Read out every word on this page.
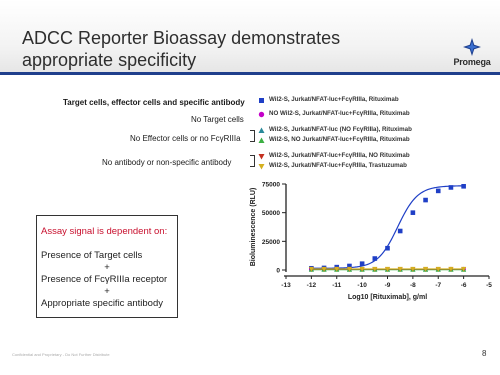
ADCC Reporter Bioassay demonstrates appropriate specificity	Promega
Target cells, effector cells and specific antibody
No Target cells
No Effector cells or no FcγRIIIa
No antibody or non-specific antibody
Wil2-S, Jurkat/NFAT-luc+FcγRIIIa, Rituximab
NO Wil2-S, Jurkat/NFAT-luc+FcγRIIIa, Rituximab
Wil2-S, Jurkat/NFAT-luc (NO FcγRIIIa), Rituximab
Wil2-S, NO Jurkat/NFAT-luc+FcγRIIIa, Rituximab
Wil2-S, Jurkat/NFAT-luc+FcγRIIIa, NO Rituximab
Wil2-S, Jurkat/NFAT-luc+FcγRIIIa, Trastuzumab
Assay signal is dependent on:
Presence of Target cells
+
Presence of FcγRIIIa receptor
+
Appropriate specific antibody
0
25000
50000
75000
-13 -12 -11 -10	-9	-8	-7	-6	-5
Bioluminescence (RLU)
Log10 [Rituximab], g/ml
Confidential and Proprietary - Do Not Further Distribute	8
